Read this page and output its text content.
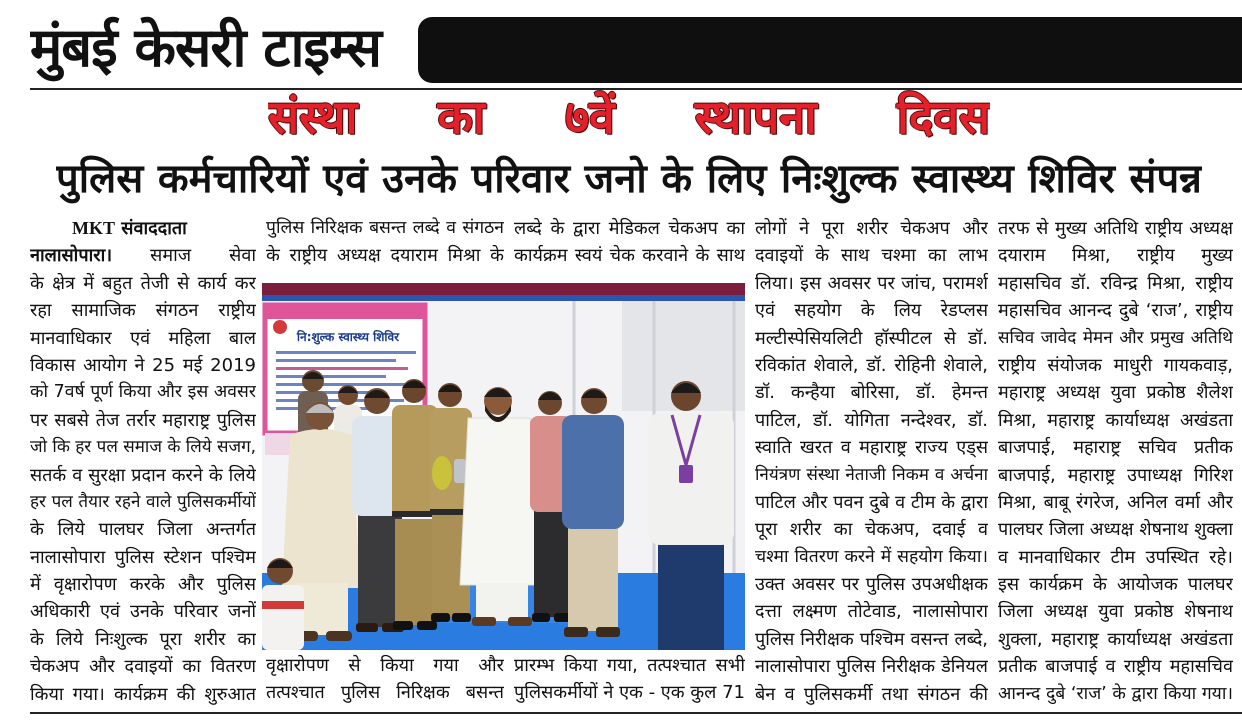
मुंबई केसरी टाइम्स
संस्था का ७वें स्थापना दिवस
पुलिस कर्मचारियों एवं उनके परिवार जनो के लिए निःशुल्क स्वास्थ्य शिविर संपन्न
MKT संवाददाता
नालासोपारा। समाज सेवा
के क्षेत्र में बहुत तेजी से कार्य कर
रहा सामाजिक संगठन राष्ट्रीय
मानवाधिकार एवं महिला बाल
विकास आयोग ने 25 मई 2019
को 7वर्ष पूर्ण किया और इस अवसर
पर सबसे तेज तर्रार महाराष्ट्र पुलिस
जो कि हर पल समाज के लिये सजग,
सतर्क व सुरक्षा प्रदान करने के लिये
हर पल तैयार रहने वाले पुलिसकर्मीयों
के लिये पालघर जिला अन्तर्गत
नालासोपारा पुलिस स्टेशन पश्चिम
में वृक्षारोपण करके और पुलिस
अधिकारी एवं उनके परिवार जनों
के लिये निःशुल्क पूरा शरीर का
चेकअप और दवाइयों का वितरण
किया गया। कार्यक्रम की शुरुआत
पुलिस निरिक्षक बसन्त लब्दे व संगठन
के राष्ट्रीय अध्यक्ष दयाराम मिश्रा के
वृक्षारोपण से किया गया और
तत्पश्चात पुलिस निरिक्षक बसन्त
लब्दे के द्वारा मेडिकल चेकअप का
कार्यक्रम स्वयं चेक करवाने के साथ
प्रारम्भ किया गया, तत्पश्चात सभी
पुलिसकर्मीयों ने एक - एक कुल 71
लोगों ने पूरा शरीर चेकअप और
दवाइयों के साथ चश्मा का लाभ
लिया। इस अवसर पर जांच, परामर्श
एवं सहयोग के लिय रेडप्लस
मल्टीस्पेसियलिटी हॉस्पीटल से डॉ.
रविकांत शेवाले, डॉ. रोहिनी शेवाले,
डॉ. कन्हैया बोरिसा, डॉ. हेमन्त
पाटिल, डॉ. योगिता नन्देश्वर, डॉ.
स्वाति खरत व महाराष्ट्र राज्य एड्स
नियंत्रण संस्था नेताजी निकम व अर्चना
पाटिल और पवन दुबे व टीम के द्वारा
पूरा शरीर का चेकअप, दवाई व
चश्मा वितरण करने में सहयोग किया।
उक्त अवसर पर पुलिस उपअधीक्षक
दत्ता लक्ष्मण तोटेवाड, नालासोपारा
पुलिस निरीक्षक पश्चिम वसन्त लब्दे,
नालासोपारा पुलिस निरीक्षक डेनियल
बेन व पुलिसकर्मी तथा संगठन की
तरफ से मुख्य अतिथि राष्ट्रीय अध्यक्ष
दयाराम मिश्रा, राष्ट्रीय मुख्य
महासचिव डॉ. रविन्द्र मिश्रा, राष्ट्रीय
महासचिव आनन्द दुबे ‘राज’, राष्ट्रीय
सचिव जावेद मेमन और प्रमुख अतिथि
राष्ट्रीय संयोजक माधुरी गायकवाड़,
महाराष्ट्र अध्यक्ष युवा प्रकोष्ठ शैलेश
मिश्रा, महाराष्ट्र कार्याध्यक्ष अखंडता
बाजपाई, महाराष्ट्र सचिव प्रतीक
बाजपाई, महाराष्ट्र उपाध्यक्ष गिरिश
मिश्रा, बाबू रंगरेज, अनिल वर्मा और
पालघर जिला अध्यक्ष शेषनाथ शुक्ला
व मानवाधिकार टीम उपस्थित रहे।
इस कार्यक्रम के आयोजक पालघर
जिला अध्यक्ष युवा प्रकोष्ठ शेषनाथ
शुक्ला, महाराष्ट्र कार्याध्यक्ष अखंडता
प्रतीक बाजपाई व राष्ट्रीय महासचिव
आनन्द दुबे ‘राज’ के द्वारा किया गया।
नि:शुल्क स्वास्थ्य शिविर
